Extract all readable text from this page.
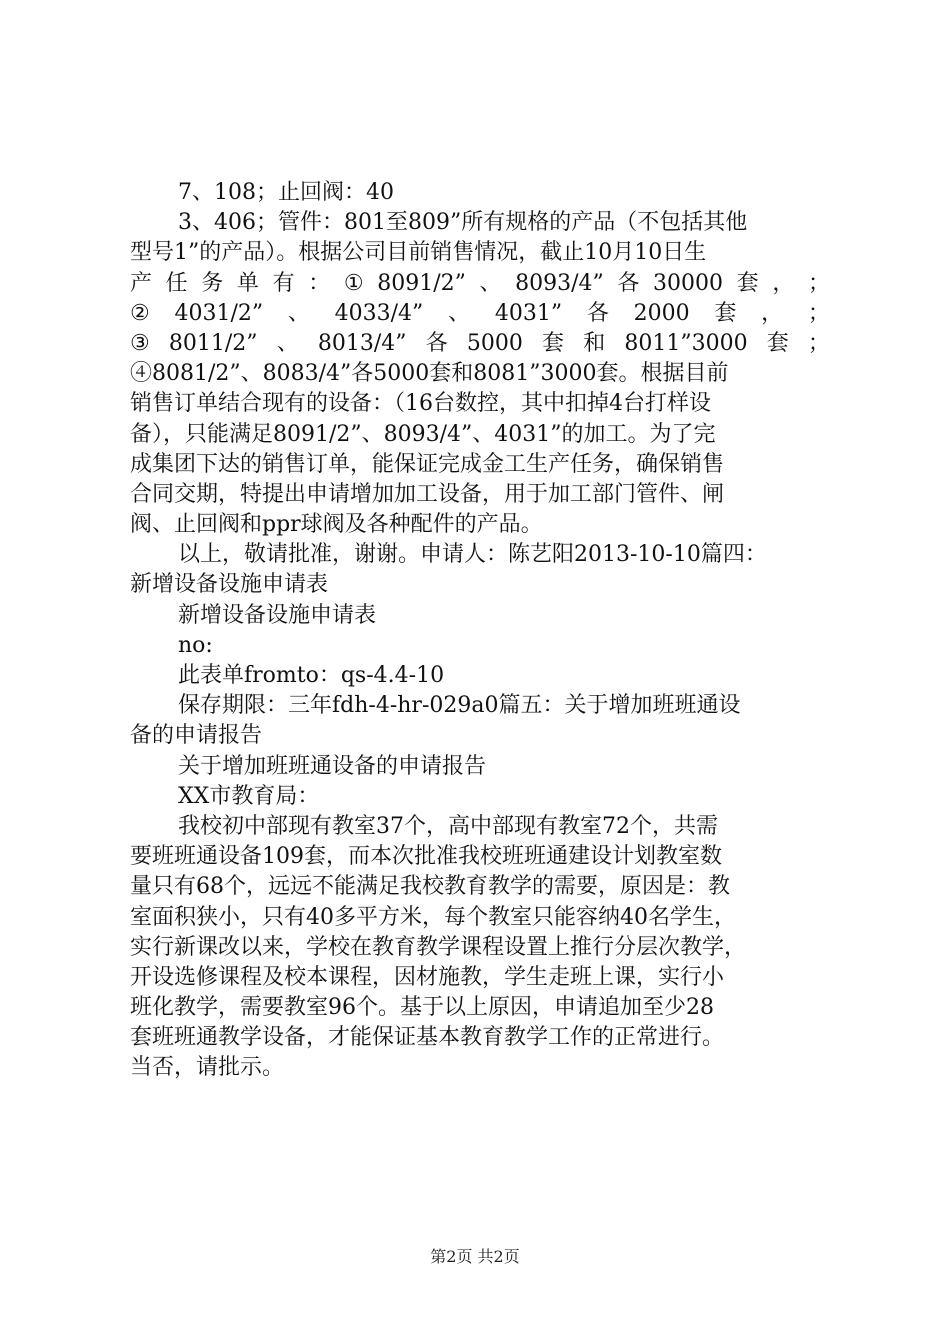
7、108；止回阀：40
3、406；管件：801至809”所有规格的产品（不包括其他
型号1”的产品）。根据公司目前销售情况，截止10月10日生
产 任 务 单 有 ： ① 8091/2” 、 8093/4” 各 30000 套 ， ；
② 4031/2” 、 4033/4” 、 4031” 各 2000 套 ， ；
③ 8011/2” 、 8013/4” 各 5000 套 和 8011”3000 套 ；
④8081/2”、8083/4”各5000套和8081”3000套。根据目前
销售订单结合现有的设备：（16台数控，其中扣掉4台打样设
备），只能满足8091/2”、8093/4”、4031”的加工。为了完
成集团下达的销售订单，能保证完成金工生产任务，确保销售
合同交期，特提出申请增加加工设备，用于加工部门管件、闸
阀、止回阀和ppr球阀及各种配件的产品。
以上，敬请批准，谢谢。申请人：陈艺阳2013-10-10篇四：
新增设备设施申请表
新增设备设施申请表
no:
此表单fromto：qs-4.4-10
保存期限：三年fdh-4-hr-029a0篇五：关于增加班班通设
备的申请报告
关于增加班班通设备的申请报告
XX市教育局：
我校初中部现有教室37个，高中部现有教室72个，共需
要班班通设备109套，而本次批准我校班班通建设计划教室数
量只有68个，远远不能满足我校教育教学的需要，原因是：教
室面积狭小，只有40多平方米，每个教室只能容纳40名学生，
实行新课改以来，学校在教育教学课程设置上推行分层次教学，
开设选修课程及校本课程，因材施教，学生走班上课，实行小
班化教学，需要教室96个。基于以上原因，申请追加至少28
套班班通教学设备，才能保证基本教育教学工作的正常进行。
当否，请批示。
第2页 共2页
